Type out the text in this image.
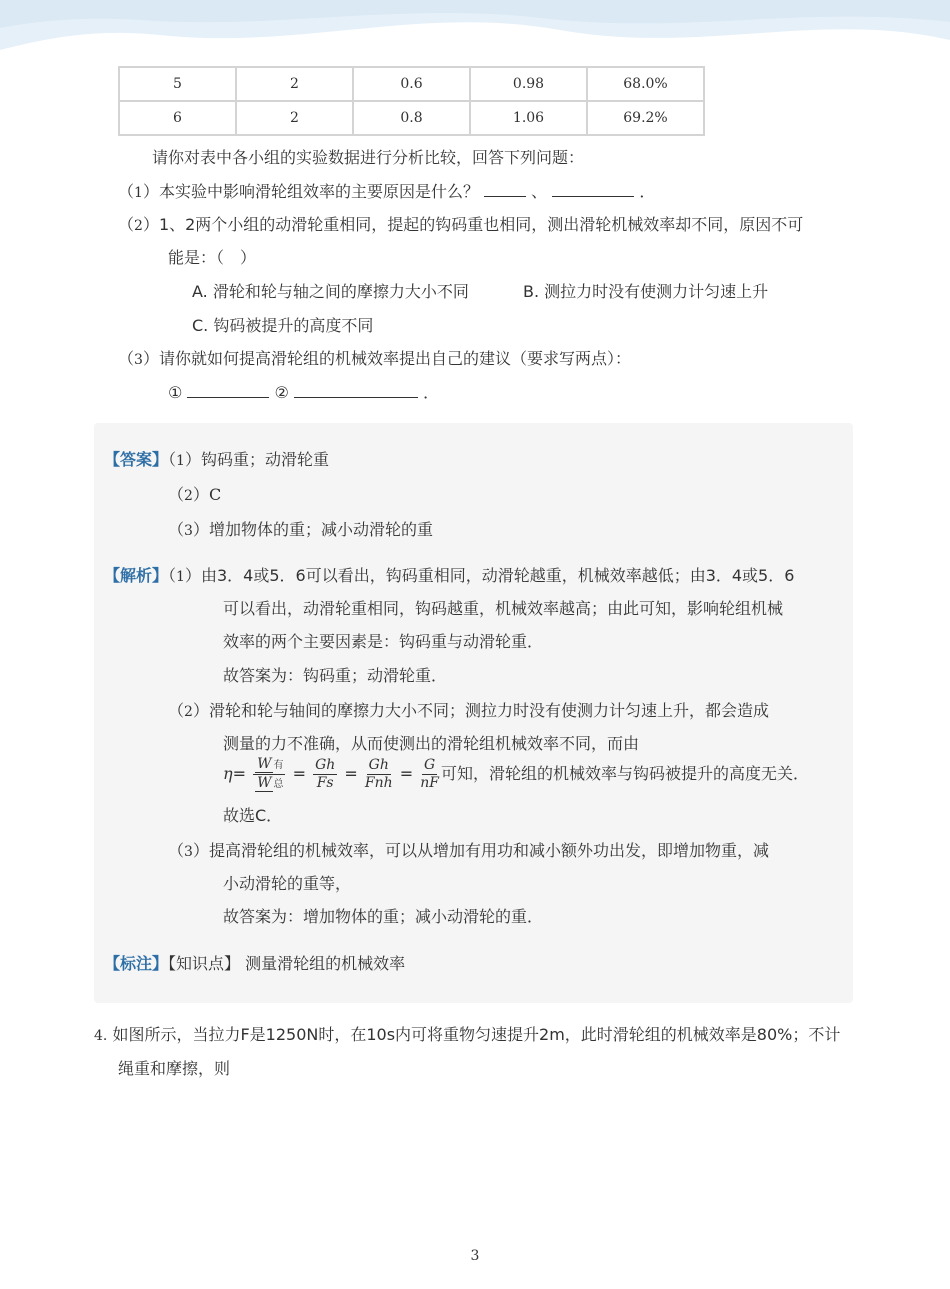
5	2	0.6	0.98	68.0%
6	2	0.8	1.06	69.2%
请你对表中各小组的实验数据进行分析比较，回答下列问题：
（1）本实验中影响滑轮组效率的主要原因是什么？	、	．
（2）1、2两个小组的动滑轮重相同，提起的钩码重也相同，测出滑轮机械效率却不同，原因不可
能是：（　）
A. 滑轮和轮与轴之间的摩擦力大小不同	B. 测拉力时没有使测力计匀速上升
C. 钩码被提升的高度不同
（3）请你就如何提高滑轮组的机械效率提出自己的建议（要求写两点）：
①	②	．
【答案】（1）钩码重；动滑轮重
（2）C
（3）增加物体的重；减小动滑轮的重
【解析】（1）由3．4或5．6可以看出，钩码重相同，动滑轮越重，机械效率越低；由3．4或5．6
可以看出，动滑轮重相同，钩码越重，机械效率越高；由此可知，影响轮组机械
效率的两个主要因素是：钩码重与动滑轮重．
故答案为：钩码重；动滑轮重．
（2）滑轮和轮与轴间的摩擦力大小不同；测拉力时没有使测力计匀速上升，都会造成
测量的力不准确，从而使测出的滑轮组机械效率不同，而由
$\eta= \frac{\text{W 有}}{\text{W 总}} = \frac{Gh}{Fs} = \frac{Gh}{\text{Fnh}} = \frac{G}{nF}$ 可知，滑轮组的机械效率与钩码被提升的高度无关．
故选C．
（3）提高滑轮组的机械效率，可以从增加有用功和减小额外功出发，即增加物重，减
小动滑轮的重等，
故答案为：增加物体的重；减小动滑轮的重．
【标注】【知识点】 测量滑轮组的机械效率
4. 如图所示，当拉力F是1250N时，在10s内可将重物匀速提升2m，此时滑轮组的机械效率是80%；不计
绳重和摩擦，则
3
